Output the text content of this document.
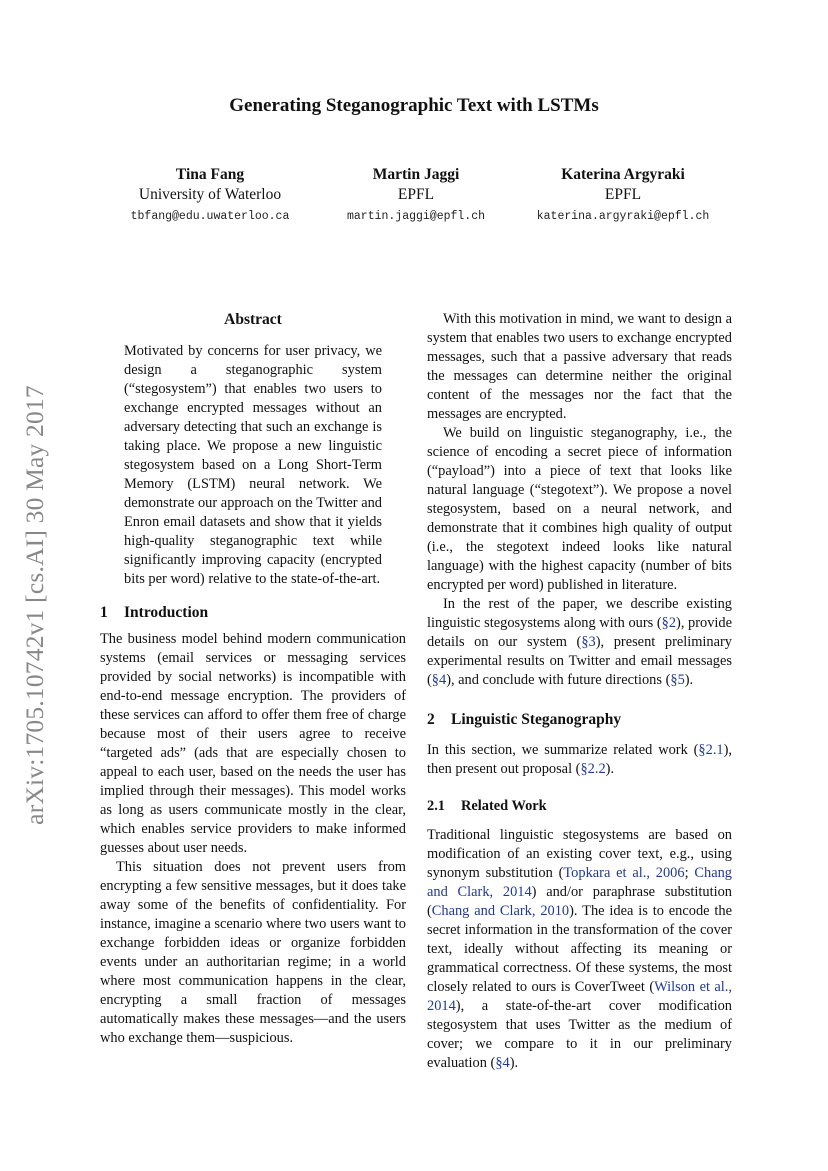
Generating Steganographic Text with LSTMs
Tina Fang
University of Waterloo
tbfang@edu.uwaterloo.ca
Martin Jaggi
EPFL
martin.jaggi@epfl.ch
Katerina Argyraki
EPFL
katerina.argyraki@epfl.ch
arXiv:1705.10742v1 [cs.AI] 30 May 2017
Abstract

Motivated by concerns for user privacy, we design a steganographic system (“stegosystem”) that enables two users to exchange encrypted messages without an adversary detecting that such an exchange is taking place. We propose a new linguistic stegosystem based on a Long Short-Term Memory (LSTM) neural network. We demonstrate our approach on the Twitter and Enron email datasets and show that it yields high-quality steganographic text while significantly improving capacity (encrypted bits per word) relative to the state-of-the-art.

1 Introduction

The business model behind modern communication systems (email services or messaging services provided by social networks) is incompatible with end-to-end message encryption. The providers of these services can afford to offer them free of charge because most of their users agree to receive “targeted ads” (ads that are especially chosen to appeal to each user, based on the needs the user has implied through their messages). This model works as long as users communicate mostly in the clear, which enables service providers to make informed guesses about user needs.

This situation does not prevent users from encrypting a few sensitive messages, but it does take away some of the benefits of confidentiality. For instance, imagine a scenario where two users want to exchange forbidden ideas or organize forbidden events under an authoritarian regime; in a world where most communication happens in the clear, encrypting a small fraction of messages automatically makes these messages—and the users who exchange them—suspicious.

With this motivation in mind, we want to design a system that enables two users to exchange encrypted messages, such that a passive adversary that reads the messages can determine neither the original content of the messages nor the fact that the messages are encrypted.

We build on linguistic steganography, i.e., the science of encoding a secret piece of information (“payload”) into a piece of text that looks like natural language (“stegotext”). We propose a novel stegosystem, based on a neural network, and demonstrate that it combines high quality of output (i.e., the stegotext indeed looks like natural language) with the highest capacity (number of bits encrypted per word) published in literature.

In the rest of the paper, we describe existing linguistic stegosystems along with ours (§2), provide details on our system (§3), present preliminary experimental results on Twitter and email messages (§4), and conclude with future directions (§5).

2 Linguistic Steganography

In this section, we summarize related work (§2.1), then present out proposal (§2.2).

2.1 Related Work

Traditional linguistic stegosystems are based on modification of an existing cover text, e.g., using synonym substitution (Topkara et al., 2006; Chang and Clark, 2014) and/or paraphrase substitution (Chang and Clark, 2010). The idea is to encode the secret information in the transformation of the cover text, ideally without affecting its meaning or grammatical correctness. Of these systems, the most closely related to ours is CoverTweet (Wilson et al., 2014), a state-of-the-art cover modification stegosystem that uses Twitter as the medium of cover; we compare to it in our preliminary evaluation (§4).
